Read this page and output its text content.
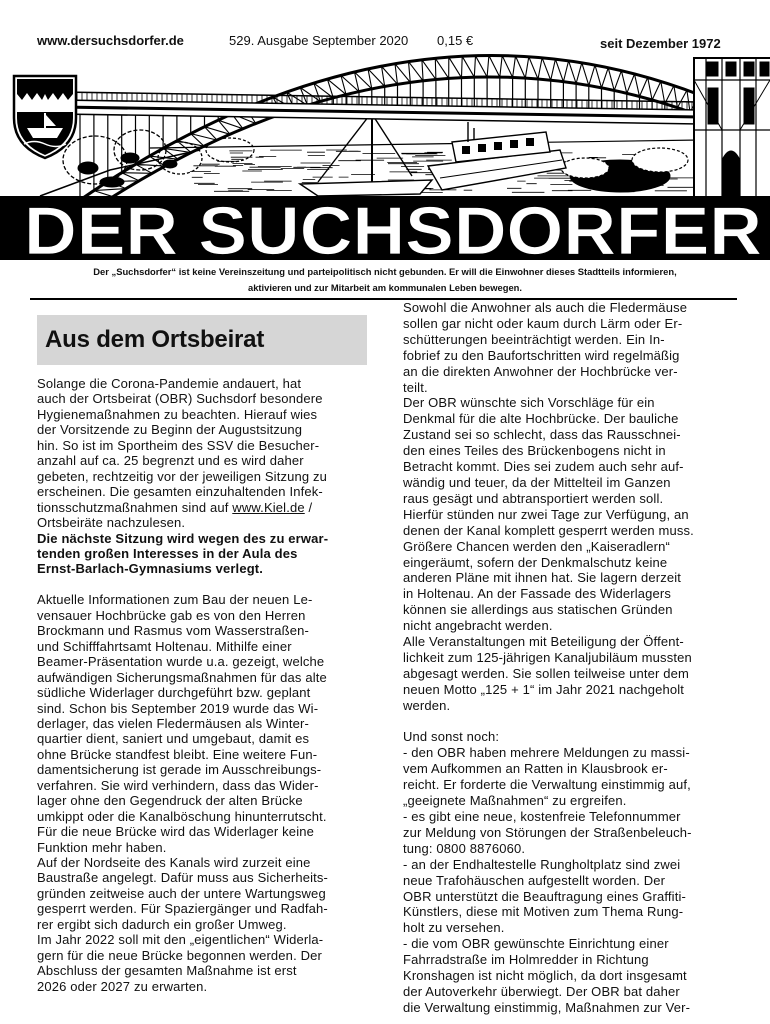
DER SUCHSDORFER
www.dersuchsdorfer.de	529. Ausgabe September 2020 0,15 €	seit Dezember 1972
Der „Suchsdorfer“ ist keine Vereinszeitung und parteipolitisch nicht gebunden. Er will die Einwohner dieses Stadtteils informieren,
aktivieren und zur Mitarbeit am kommunalen Leben bewegen.
Aus dem Ortsbeirat
Solange die Corona-Pandemie andauert, hat
auch der Ortsbeirat (OBR) Suchsdorf besondere
Hygienemaßnahmen zu beachten. Hierauf wies
der Vorsitzende zu Beginn der Augustsitzung
hin. So ist im Sportheim des SSV die Besucher-
anzahl auf ca. 25 begrenzt und es wird daher
gebeten, rechtzeitig vor der jeweiligen Sitzung zu
erscheinen. Die gesamten einzuhaltenden Infek-
tionsschutzmaßnahmen sind auf www.Kiel.de /
Ortsbeiräte nachzulesen.
Die nächste Sitzung wird wegen des zu erwar-
tenden großen Interesses in der Aula des
Ernst-Barlach-Gymnasiums verlegt.
Aktuelle Informationen zum Bau der neuen Le-
vensauer Hochbrücke gab es von den Herren
Brockmann und Rasmus vom Wasserstraßen-
und Schifffahrtsamt Holtenau. Mithilfe einer
Beamer-Präsentation wurde u.a. gezeigt, welche
aufwändigen Sicherungsmaßnahmen für das alte
südliche Widerlager durchgeführt bzw. geplant
sind. Schon bis September 2019 wurde das Wi-
derlager, das vielen Fledermäusen als Winter-
quartier dient, saniert und umgebaut, damit es
ohne Brücke standfest bleibt. Eine weitere Fun-
damentsicherung ist gerade im Ausschreibungs-
verfahren. Sie wird verhindern, dass das Wider-
lager ohne den Gegendruck der alten Brücke
umkippt oder die Kanalböschung hinunterrutscht.
Für die neue Brücke wird das Widerlager keine
Funktion mehr haben.
Auf der Nordseite des Kanals wird zurzeit eine
Baustraße angelegt. Dafür muss aus Sicherheits-
gründen zeitweise auch der untere Wartungsweg
gesperrt werden. Für Spaziergänger und Radfah-
rer ergibt sich dadurch ein großer Umweg.
Im Jahr 2022 soll mit den „eigentlichen“ Widerla-
gern für die neue Brücke begonnen werden. Der
Abschluss der gesamten Maßnahme ist erst
2026 oder 2027 zu erwarten.
Sowohl die Anwohner als auch die Fledermäuse
sollen gar nicht oder kaum durch Lärm oder Er-
schütterungen beeinträchtigt werden. Ein In-
fobrief zu den Baufortschritten wird regelmäßig
an die direkten Anwohner der Hochbrücke ver-
teilt.
Der OBR wünschte sich Vorschläge für ein
Denkmal für die alte Hochbrücke. Der bauliche
Zustand sei so schlecht, dass das Rausschnei-
den eines Teiles des Brückenbogens nicht in
Betracht kommt. Dies sei zudem auch sehr auf-
wändig und teuer, da der Mittelteil im Ganzen
raus gesägt und abtransportiert werden soll.
Hierfür stünden nur zwei Tage zur Verfügung, an
denen der Kanal komplett gesperrt werden muss.
Größere Chancen werden den „Kaiseradlern“
eingeräumt, sofern der Denkmalschutz keine
anderen Pläne mit ihnen hat. Sie lagern derzeit
in Holtenau. An der Fassade des Widerlagers
können sie allerdings aus statischen Gründen
nicht angebracht werden.
Alle Veranstaltungen mit Beteiligung der Öffent-
lichkeit zum 125-jährigen Kanaljubiläum mussten
abgesagt werden. Sie sollen teilweise unter dem
neuen Motto „125 + 1“ im Jahr 2021 nachgeholt
werden.
Und sonst noch:
- den OBR haben mehrere Meldungen zu massi-
vem Aufkommen an Ratten in Klausbrook er-
reicht. Er forderte die Verwaltung einstimmig auf,
„geeignete Maßnahmen“ zu ergreifen.
- es gibt eine neue, kostenfreie Telefonnummer
zur Meldung von Störungen der Straßenbeleuch-
tung: 0800 8876060.
- an der Endhaltestelle Rungholtplatz sind zwei
neue Trafohäuschen aufgestellt worden. Der
OBR unterstützt die Beauftragung eines Graffiti-
Künstlers, diese mit Motiven zum Thema Rung-
holt zu versehen.
- die vom OBR gewünschte Einrichtung einer
Fahrradstraße im Holmredder in Richtung
Kronshagen ist nicht möglich, da dort insgesamt
der Autoverkehr überwiegt. Der OBR bat daher
die Verwaltung einstimmig, Maßnahmen zur Ver-
